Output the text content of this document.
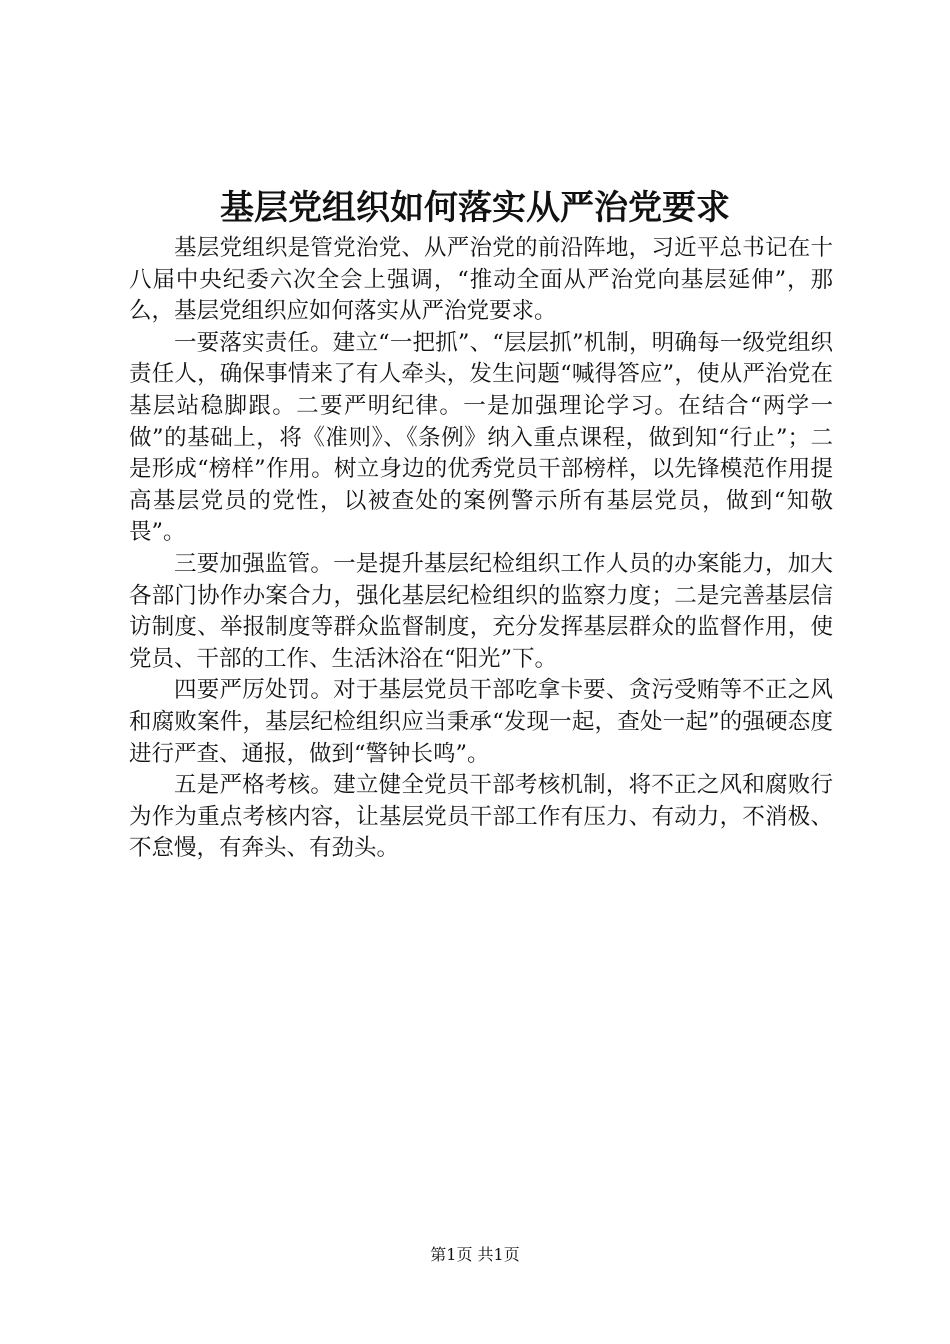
基层党组织如何落实从严治党要求

基层党组织是管党治党、从严治党的前沿阵地，习近平总书记在十八届中央纪委六次全会上强调，“推动全面从严治党向基层延伸”，那么，基层党组织应如何落实从严治党要求。

一要落实责任。建立“一把抓”、“层层抓”机制，明确每一级党组织责任人，确保事情来了有人牵头，发生问题“喊得答应”，使从严治党在基层站稳脚跟。二要严明纪律。一是加强理论学习。在结合“两学一做”的基础上，将《准则》、《条例》纳入重点课程，做到知“行止”；二是形成“榜样”作用。树立身边的优秀党员干部榜样，以先锋模范作用提高基层党员的党性，以被查处的案例警示所有基层党员，做到“知敬畏”。

三要加强监管。一是提升基层纪检组织工作人员的办案能力，加大各部门协作办案合力，强化基层纪检组织的监察力度；二是完善基层信访制度、举报制度等群众监督制度，充分发挥基层群众的监督作用，使党员、干部的工作、生活沐浴在“阳光”下。

四要严厉处罚。对于基层党员干部吃拿卡要、贪污受贿等不正之风和腐败案件，基层纪检组织应当秉承“发现一起，查处一起”的强硬态度进行严查、通报，做到“警钟长鸣”。

五是严格考核。建立健全党员干部考核机制，将不正之风和腐败行为作为重点考核内容，让基层党员干部工作有压力、有动力，不消极、不怠慢，有奔头、有劲头。

第1页 共1页
